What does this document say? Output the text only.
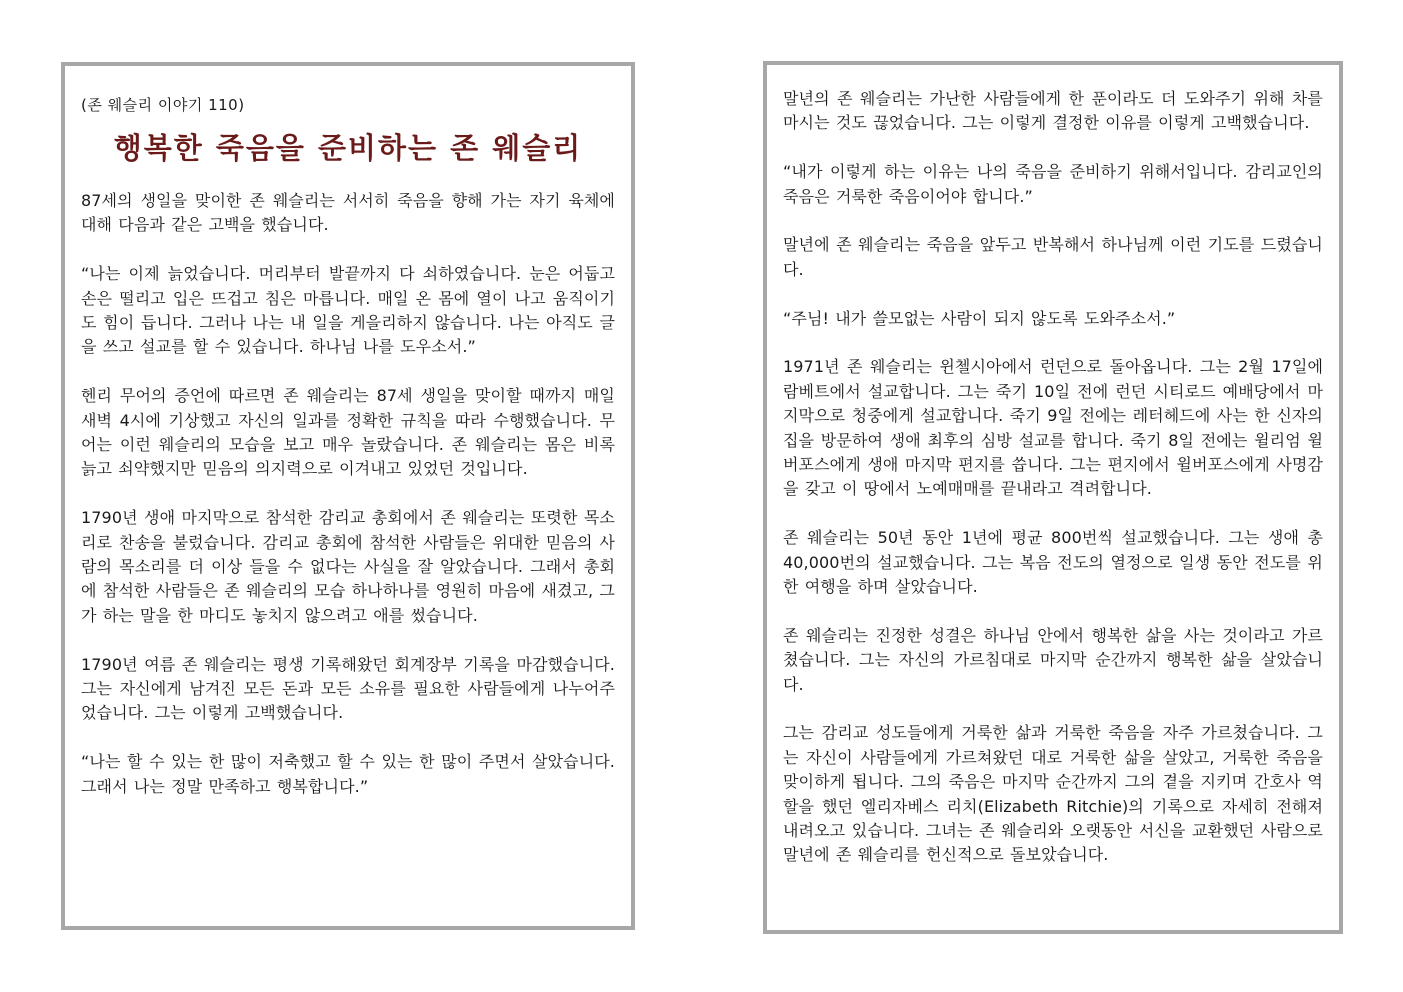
(존 웨슬리 이야기 110)
행복한 죽음을 준비하는 존 웨슬리

87세의 생일을 맞이한 존 웨슬리는 서서히 죽음을 향해 가는 자기 육체에 대해 다음과 같은 고백을 했습니다.

“나는 이제 늙었습니다. 머리부터 발끝까지 다 쇠하였습니다. 눈은 어둡고 손은 떨리고 입은 뜨겁고 침은 마릅니다. 매일 온 몸에 열이 나고 움직이기도 힘이 듭니다. 그러나 나는 내 일을 게을리하지 않습니다. 나는 아직도 글을 쓰고 설교를 할 수 있습니다. 하나님 나를 도우소서.”

헨리 무어의 증언에 따르면 존 웨슬리는 87세 생일을 맞이할 때까지 매일 새벽 4시에 기상했고 자신의 일과를 정확한 규칙을 따라 수행했습니다. 무어는 이런 웨슬리의 모습을 보고 매우 놀랐습니다. 존 웨슬리는 몸은 비록 늙고 쇠약했지만 믿음의 의지력으로 이겨내고 있었던 것입니다.

1790년 생애 마지막으로 참석한 감리교 총회에서 존 웨슬리는 또렷한 목소리로 찬송을 불렀습니다. 감리교 총회에 참석한 사람들은 위대한 믿음의 사람의 목소리를 더 이상 들을 수 없다는 사실을 잘 알았습니다. 그래서 총회에 참석한 사람들은 존 웨슬리의 모습 하나하나를 영원히 마음에 새겼고, 그가 하는 말을 한 마디도 놓치지 않으려고 애를 썼습니다.

1790년 여름 존 웨슬리는 평생 기록해왔던 회계장부 기록을 마감했습니다. 그는 자신에게 남겨진 모든 돈과 모든 소유를 필요한 사람들에게 나누어주었습니다. 그는 이렇게 고백했습니다.

“나는 할 수 있는 한 많이 저축했고 할 수 있는 한 많이 주면서 살았습니다. 그래서 나는 정말 만족하고 행복합니다.”

말년의 존 웨슬리는 가난한 사람들에게 한 푼이라도 더 도와주기 위해 차를 마시는 것도 끊었습니다. 그는 이렇게 결정한 이유를 이렇게 고백했습니다.

“내가 이렇게 하는 이유는 나의 죽음을 준비하기 위해서입니다. 감리교인의 죽음은 거룩한 죽음이어야 합니다.”

말년에 존 웨슬리는 죽음을 앞두고 반복해서 하나님께 이런 기도를 드렸습니다.

“주님! 내가 쓸모없는 사람이 되지 않도록 도와주소서.”

1971년 존 웨슬리는 윈첼시아에서 런던으로 돌아옵니다. 그는 2월 17일에 람베트에서 설교합니다. 그는 죽기 10일 전에 런던 시티로드 예배당에서 마지막으로 청중에게 설교합니다. 죽기 9일 전에는 레터헤드에 사는 한 신자의 집을 방문하여 생애 최후의 심방 설교를 합니다. 죽기 8일 전에는 윌리엄 윌버포스에게 생애 마지막 편지를 씁니다. 그는 편지에서 윌버포스에게 사명감을 갖고 이 땅에서 노예매매를 끝내라고 격려합니다.

존 웨슬리는 50년 동안 1년에 평균 800번씩 설교했습니다. 그는 생애 총 40,000번의 설교했습니다. 그는 복음 전도의 열정으로 일생 동안 전도를 위한 여행을 하며 살았습니다.

존 웨슬리는 진정한 성결은 하나님 안에서 행복한 삶을 사는 것이라고 가르쳤습니다. 그는 자신의 가르침대로 마지막 순간까지 행복한 삶을 살았습니다.

그는 감리교 성도들에게 거룩한 삶과 거룩한 죽음을 자주 가르쳤습니다. 그는 자신이 사람들에게 가르쳐왔던 대로 거룩한 삶을 살았고, 거룩한 죽음을 맞이하게 됩니다. 그의 죽음은 마지막 순간까지 그의 곁을 지키며 간호사 역할을 했던 엘리자베스 리치(Elizabeth Ritchie)의 기록으로 자세히 전해져 내려오고 있습니다. 그녀는 존 웨슬리와 오랫동안 서신을 교환했던 사람으로 말년에 존 웨슬리를 헌신적으로 돌보았습니다.
